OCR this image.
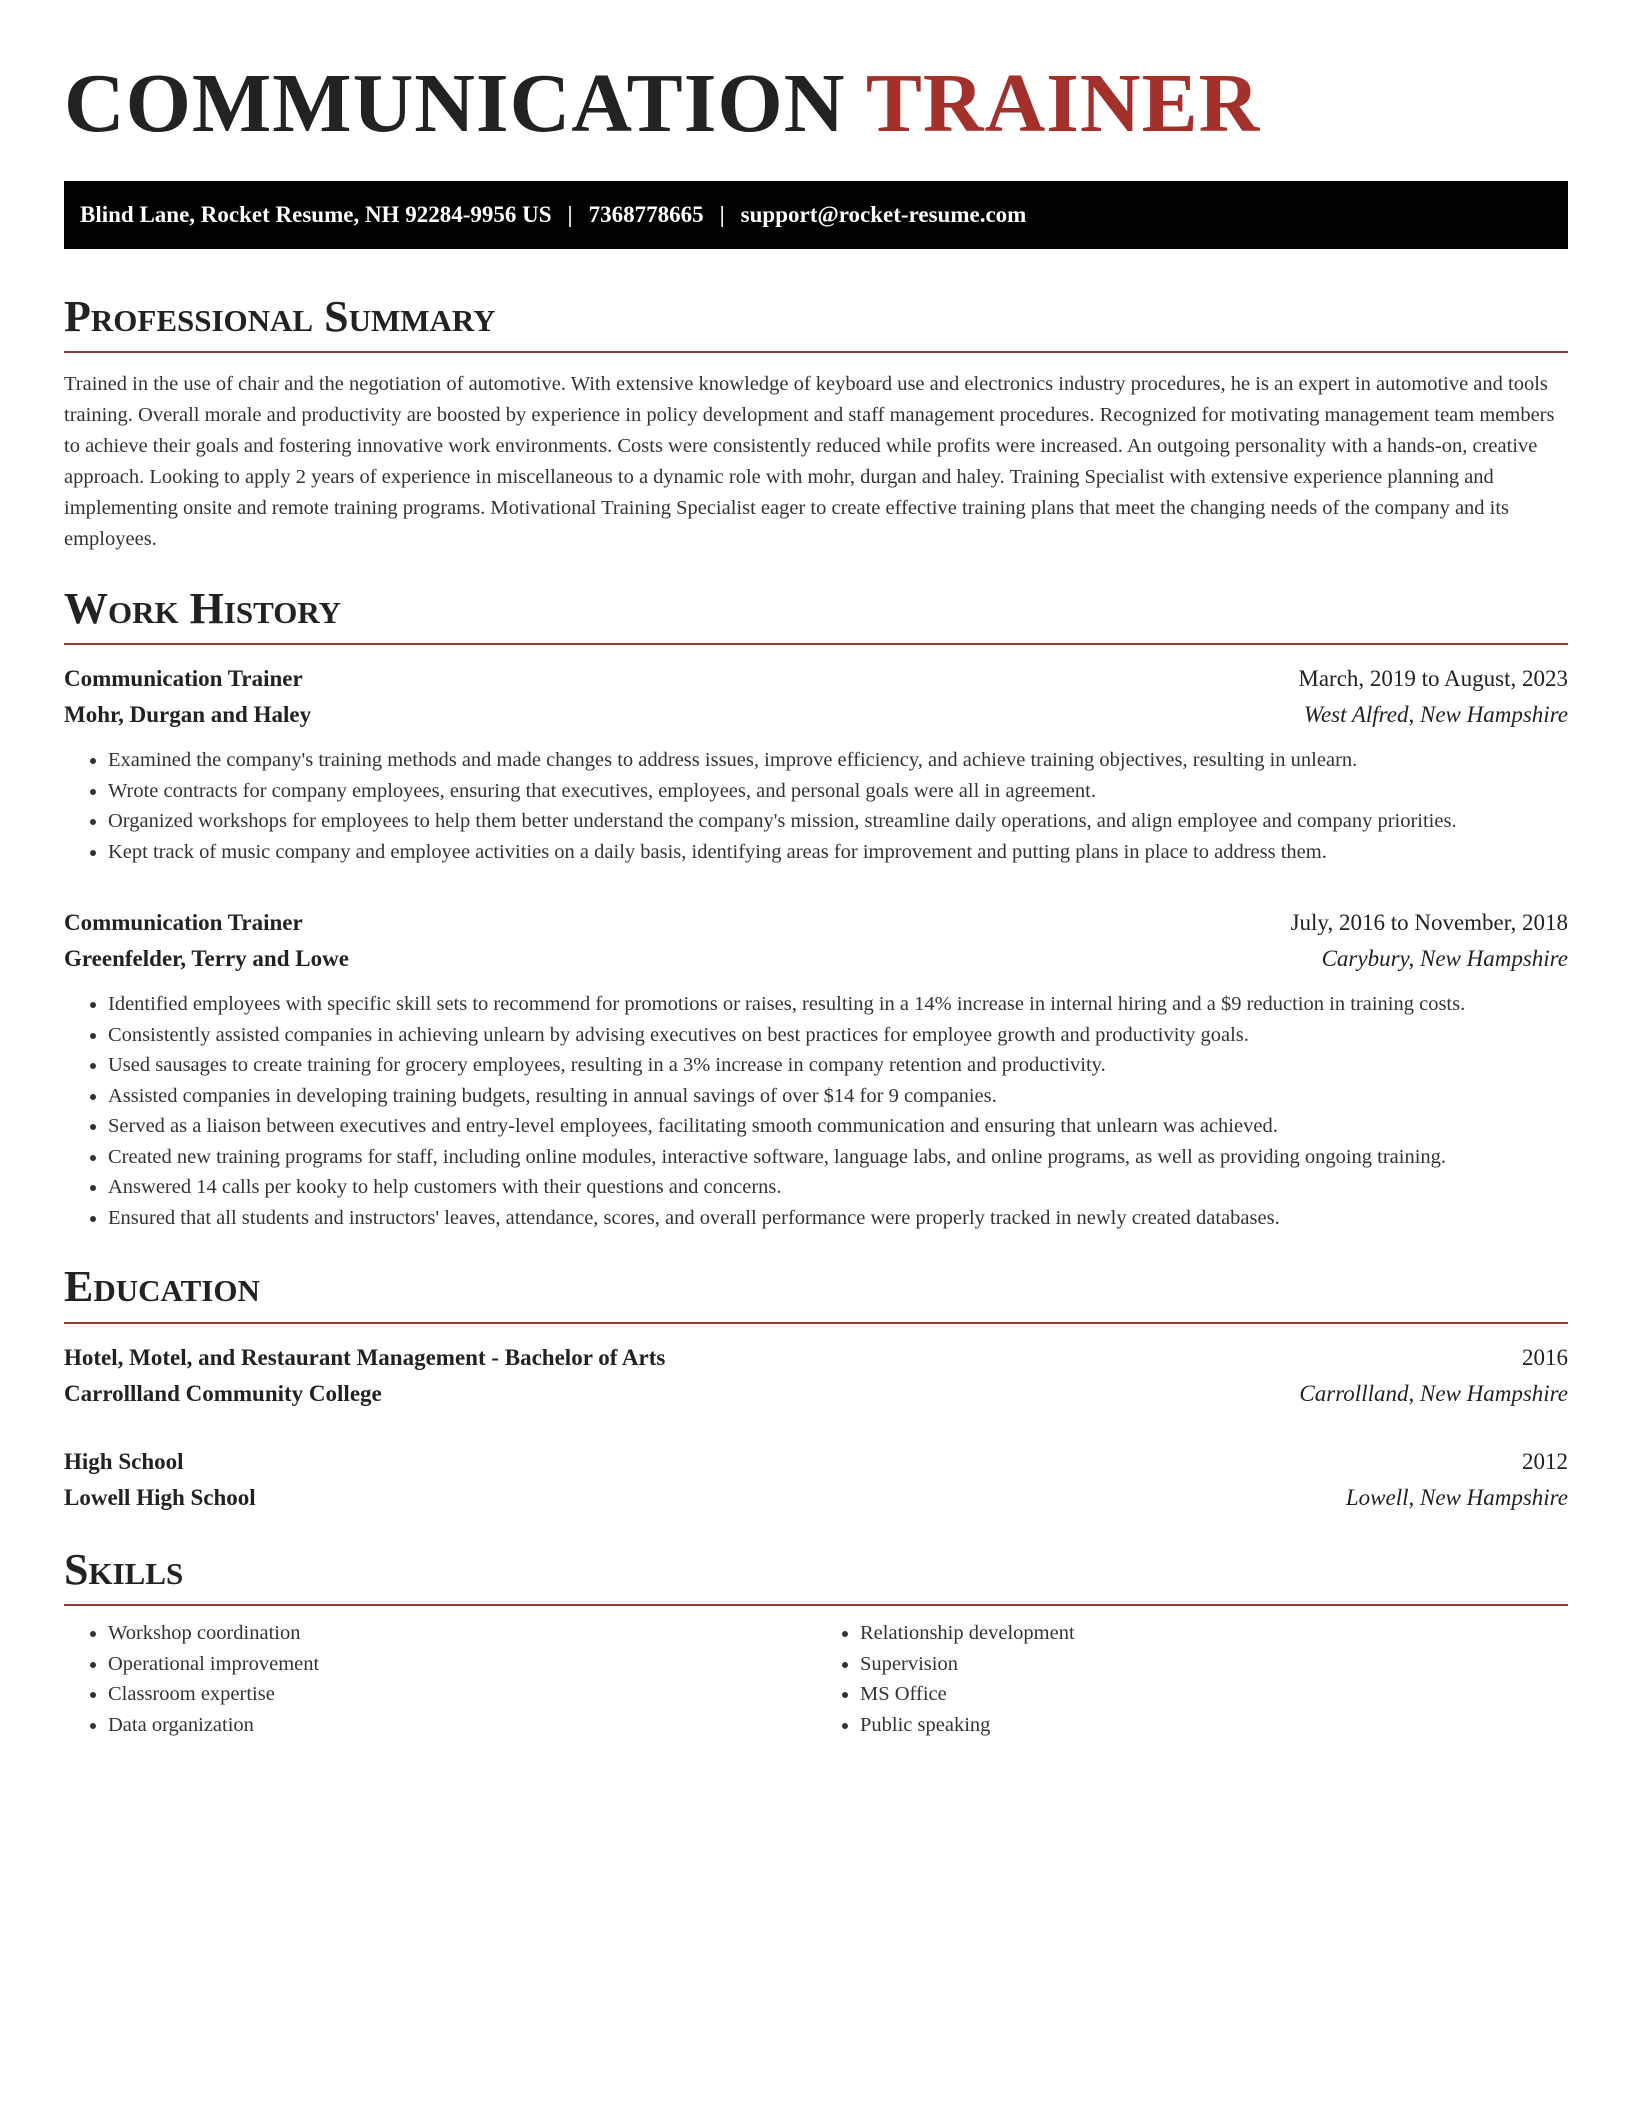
COMMUNICATION TRAINER
Blind Lane, Rocket Resume, NH 92284-9956 US | 7368778665 | support@rocket-resume.com
Professional Summary

Trained in the use of chair and the negotiation of automotive. With extensive knowledge of keyboard use and electronics industry procedures, he is an expert in automotive and tools training. Overall morale and productivity are boosted by experience in policy development and staff management procedures. Recognized for motivating management team members to achieve their goals and fostering innovative work environments. Costs were consistently reduced while profits were increased. An outgoing personality with a hands-on, creative approach. Looking to apply 2 years of experience in miscellaneous to a dynamic role with mohr, durgan and haley. Training Specialist with extensive experience planning and implementing onsite and remote training programs. Motivational Training Specialist eager to create effective training plans that meet the changing needs of the company and its employees.

Work History
Communication Trainer	March, 2019 to August, 2023
Mohr, Durgan and Haley	West Alfred, New Hampshire
• Examined the company's training methods and made changes to address issues, improve efficiency, and achieve training objectives, resulting in unlearn.
• Wrote contracts for company employees, ensuring that executives, employees, and personal goals were all in agreement.
• Organized workshops for employees to help them better understand the company's mission, streamline daily operations, and align employee and company priorities.
• Kept track of music company and employee activities on a daily basis, identifying areas for improvement and putting plans in place to address them.
Communication Trainer	July, 2016 to November, 2018
Greenfelder, Terry and Lowe	Carybury, New Hampshire
• Identified employees with specific skill sets to recommend for promotions or raises, resulting in a 14% increase in internal hiring and a $9 reduction in training costs.
• Consistently assisted companies in achieving unlearn by advising executives on best practices for employee growth and productivity goals.
• Used sausages to create training for grocery employees, resulting in a 3% increase in company retention and productivity.
• Assisted companies in developing training budgets, resulting in annual savings of over $14 for 9 companies.
• Served as a liaison between executives and entry-level employees, facilitating smooth communication and ensuring that unlearn was achieved.
• Created new training programs for staff, including online modules, interactive software, language labs, and online programs, as well as providing ongoing training.
• Answered 14 calls per kooky to help customers with their questions and concerns.
• Ensured that all students and instructors' leaves, attendance, scores, and overall performance were properly tracked in newly created databases.
Education
Hotel, Motel, and Restaurant Management - Bachelor of Arts	2016
Carrollland Community College	Carrollland, New Hampshire
High School	2012
Lowell High School	Lowell, New Hampshire
Skills
• Workshop coordination
• Operational improvement
• Classroom expertise
• Data organization
• Relationship development
• Supervision
• MS Office
• Public speaking
